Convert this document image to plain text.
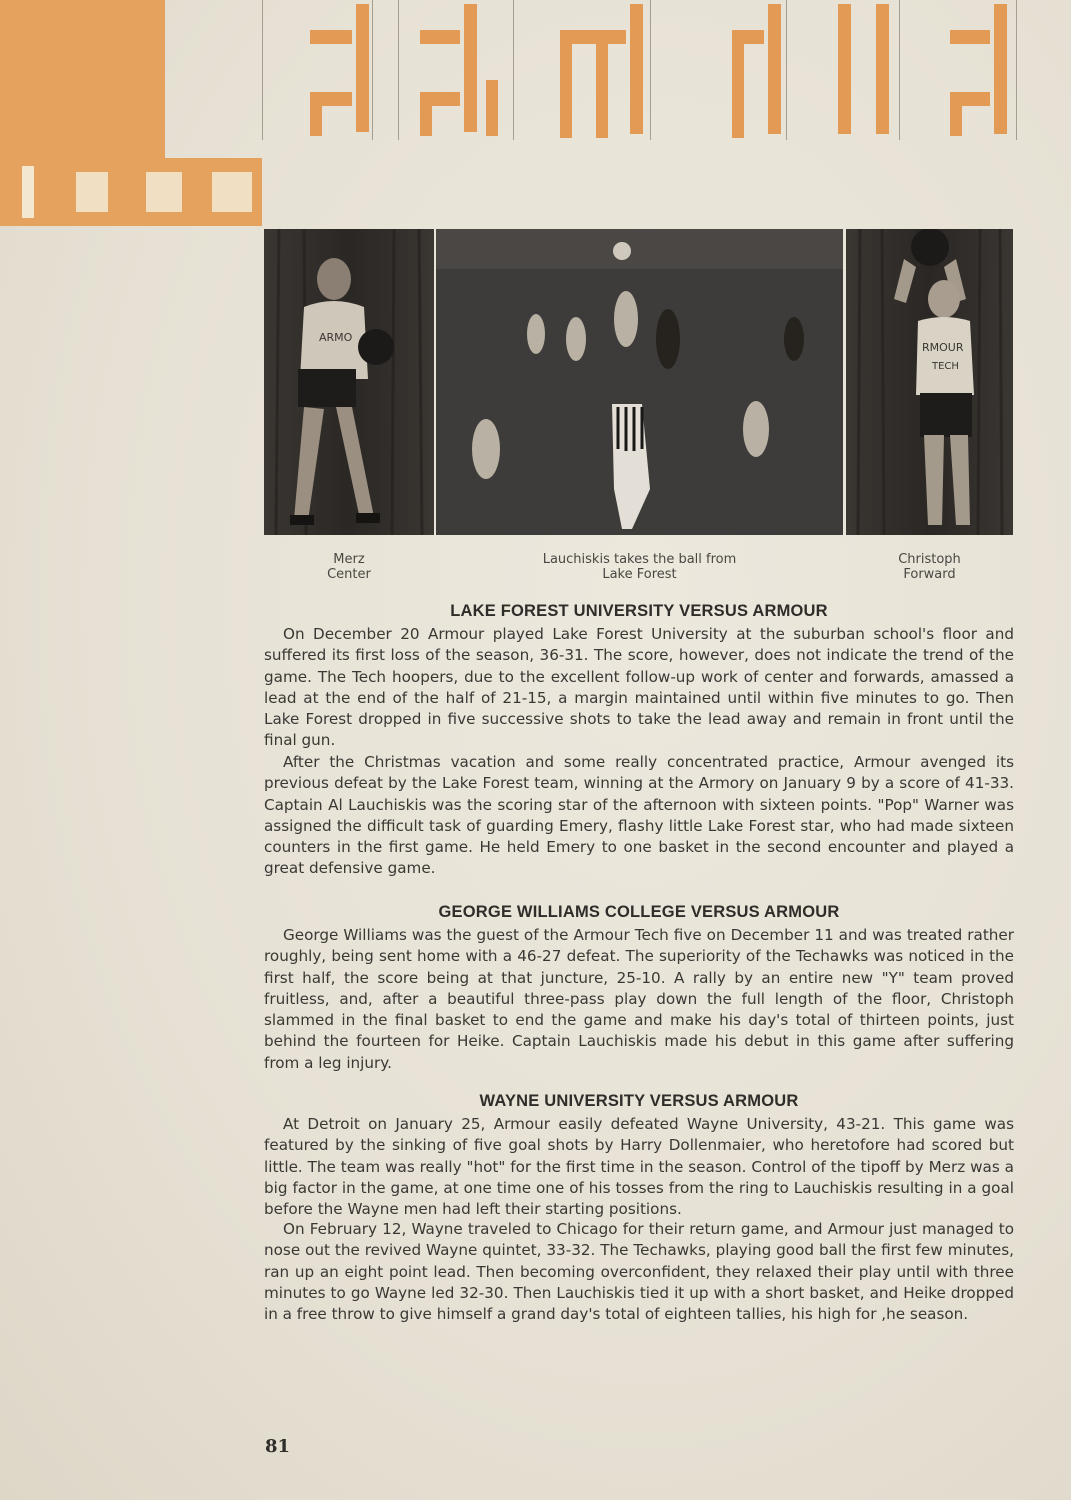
ARMO
RMOUR
TECH
Merz
Center
Lauchiskis takes the ball from
Lake Forest
Christoph
Forward
LAKE FOREST UNIVERSITY VERSUS ARMOUR

On December 20 Armour played Lake Forest University at the suburban school's floor and suffered its first loss of the season, 36-31. The score, however, does not indicate the trend of the game. The Tech hoopers, due to the excellent follow-up work of center and forwards, amassed a lead at the end of the half of 21-15, a margin maintained until within five minutes to go. Then Lake Forest dropped in five successive shots to take the lead away and remain in front until the final gun.

After the Christmas vacation and some really concentrated practice, Armour avenged its previous defeat by the Lake Forest team, winning at the Armory on January 9 by a score of 41-33. Captain Al Lauchiskis was the scoring star of the afternoon with sixteen points. "Pop" Warner was assigned the difficult task of guarding Emery, flashy little Lake Forest star, who had made sixteen counters in the first game. He held Emery to one basket in the second encounter and played a great defensive game.

GEORGE WILLIAMS COLLEGE VERSUS ARMOUR

George Williams was the guest of the Armour Tech five on December 11 and was treated rather roughly, being sent home with a 46-27 defeat. The superiority of the Techawks was noticed in the first half, the score being at that juncture, 25-10. A rally by an entire new "Y" team proved fruitless, and, after a beautiful three-pass play down the full length of the floor, Christoph slammed in the final basket to end the game and make his day's total of thirteen points, just behind the fourteen for Heike. Captain Lauchiskis made his debut in this game after suffering from a leg injury.

WAYNE UNIVERSITY VERSUS ARMOUR

At Detroit on January 25, Armour easily defeated Wayne University, 43-21. This game was featured by the sinking of five goal shots by Harry Dollenmaier, who heretofore had scored but little. The team was really "hot" for the first time in the season. Control of the tipoff by Merz was a big factor in the game, at one time one of his tosses from the ring to Lauchiskis resulting in a goal before the Wayne men had left their starting positions.

On February 12, Wayne traveled to Chicago for their return game, and Armour just managed to nose out the revived Wayne quintet, 33-32. The Techawks, playing good ball the first few minutes, ran up an eight point lead. Then becoming overconfident, they relaxed their play until with three minutes to go Wayne led 32-30. Then Lauchiskis tied it up with a short basket, and Heike dropped in a free throw to give himself a grand day's total of eighteen tallies, his high for ,he season.

81
